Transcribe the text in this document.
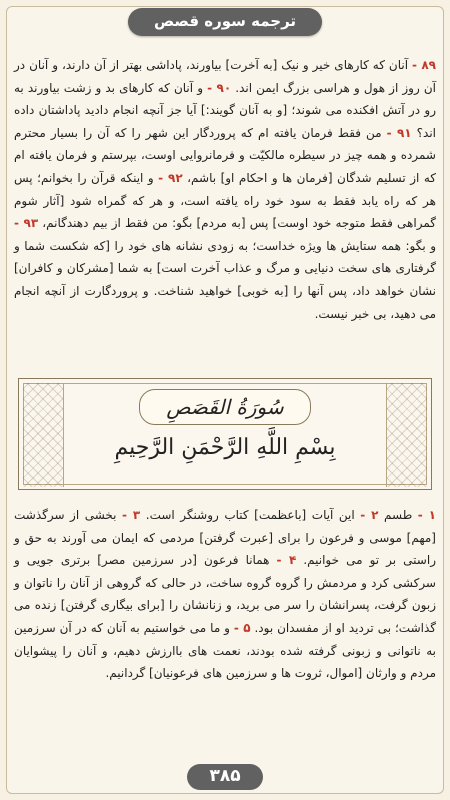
ترجمه سوره قصص
۸۹ - آنان که کارهای خیر و نیک [به آخرت] بیاورند، پاداشی بهتر از آن دارند، و آنان در آن روز از هول و هراسی بزرگ ایمن اند. ۹۰ - و آنان که کارهای بد و زشت بیاورند به رو در آتش افکنده می شوند؛ [و به آنان گویند:] آیا جز آنچه انجام دادید پاداشتان داده اند؟ ۹۱ - من فقط فرمان یافته ام که پروردگار این شهر را که آن را بسیار محترم شمرده و همه چیز در سیطره مالکیّت و فرمانروایی اوست، بپرستم و فرمان یافته ام که از تسلیم شدگان [فرمان ها و احکام او] باشم، ۹۲ - و اینکه قرآن را بخوانم؛ پس هر که راه یابد فقط به سود خود راه یافته است، و هر که گمراه شود [آثار شوم گمراهی فقط متوجه خود اوست] پس [به مردم] بگو: من فقط از بیم دهندگانم، ۹۳ - و بگو: همه ستایش ها ویژه خداست؛ به زودی نشانه های خود را [که شکست شما و گرفتاری های سخت دنیایی و مرگ و عذاب آخرت است] به شما [مشرکان و کافران] نشان خواهد داد، پس آنها را [به خوبی] خواهید شناخت. و پروردگارت از آنچه انجام می دهید، بی خبر نیست.
سُورَةُ القَصَصِ
بِسْمِ اللَّهِ الرَّحْمَنِ الرَّحِيمِ
۱ - طسم ۲ - این آیات [باعظمت] کتاب روشنگر است. ۳ - بخشی از سرگذشت [مهم] موسی و فرعون را برای [عبرت گرفتن] مردمی که ایمان می آورند به حق و راستی بر تو می خوانیم. ۴ - همانا فرعون [در سرزمین مصر] برتری جویی و سرکشی کرد و مردمش را گروه گروه ساخت، در حالی که گروهی از آنان را ناتوان و زبون گرفت، پسرانشان را سر می برید، و زنانشان را [برای بیگاری گرفتن] زنده می گذاشت؛ بی تردید او از مفسدان بود. ۵ - و ما می خواستیم به آنان که در آن سرزمین به ناتوانی و زبونی گرفته شده بودند، نعمت های باارزش دهیم، و آنان را پیشوایان مردم و وارثان [اموال، ثروت ها و سرزمین های فرعونیان] گردانیم.
۳۸۵
